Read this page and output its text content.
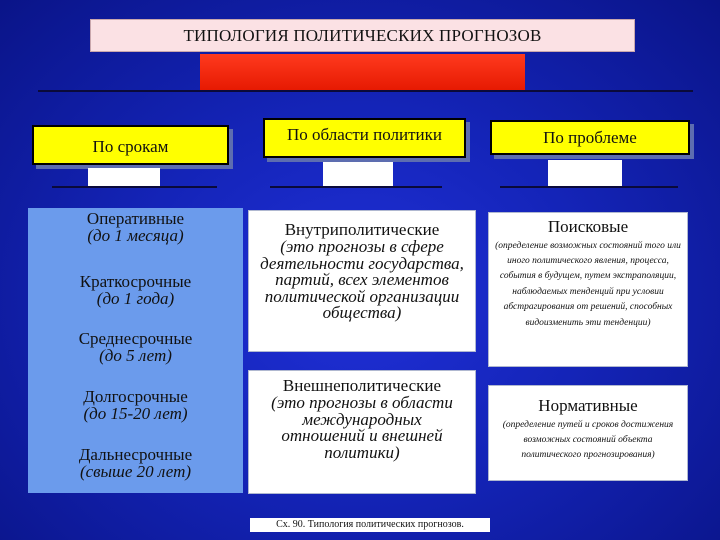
ТИПОЛОГИЯ ПОЛИТИЧЕСКИХ ПРОГНОЗОВ
По срокам
По области политики	По проблеме
Оперативные
(до 1 месяца)
Краткосрочные
(до 1 года)
Среднесрочные
(до 5 лет)
Долгосрочные
(до 15-20 лет)
Дальнесрочные
(свыше 20 лет)
Внутриполитические
(это прогнозы в сфере деятельности государства, партий, всех элементов политической организации общества)
Внешнеполитические
(это прогнозы в области международных отношений и внешней политики)
Поисковые
(определение возможных состояний того или иного политического явления, процесса, события в будущем, путем экстраполяции, наблюдаемых тенденций при условии абстрагирования от решений, способных видоизменить эти тенденции)
Нормативные
(определение путей и сроков достижения возможных состояний объекта политического прогнозирования)
Сх. 90. Типология политических прогнозов.
